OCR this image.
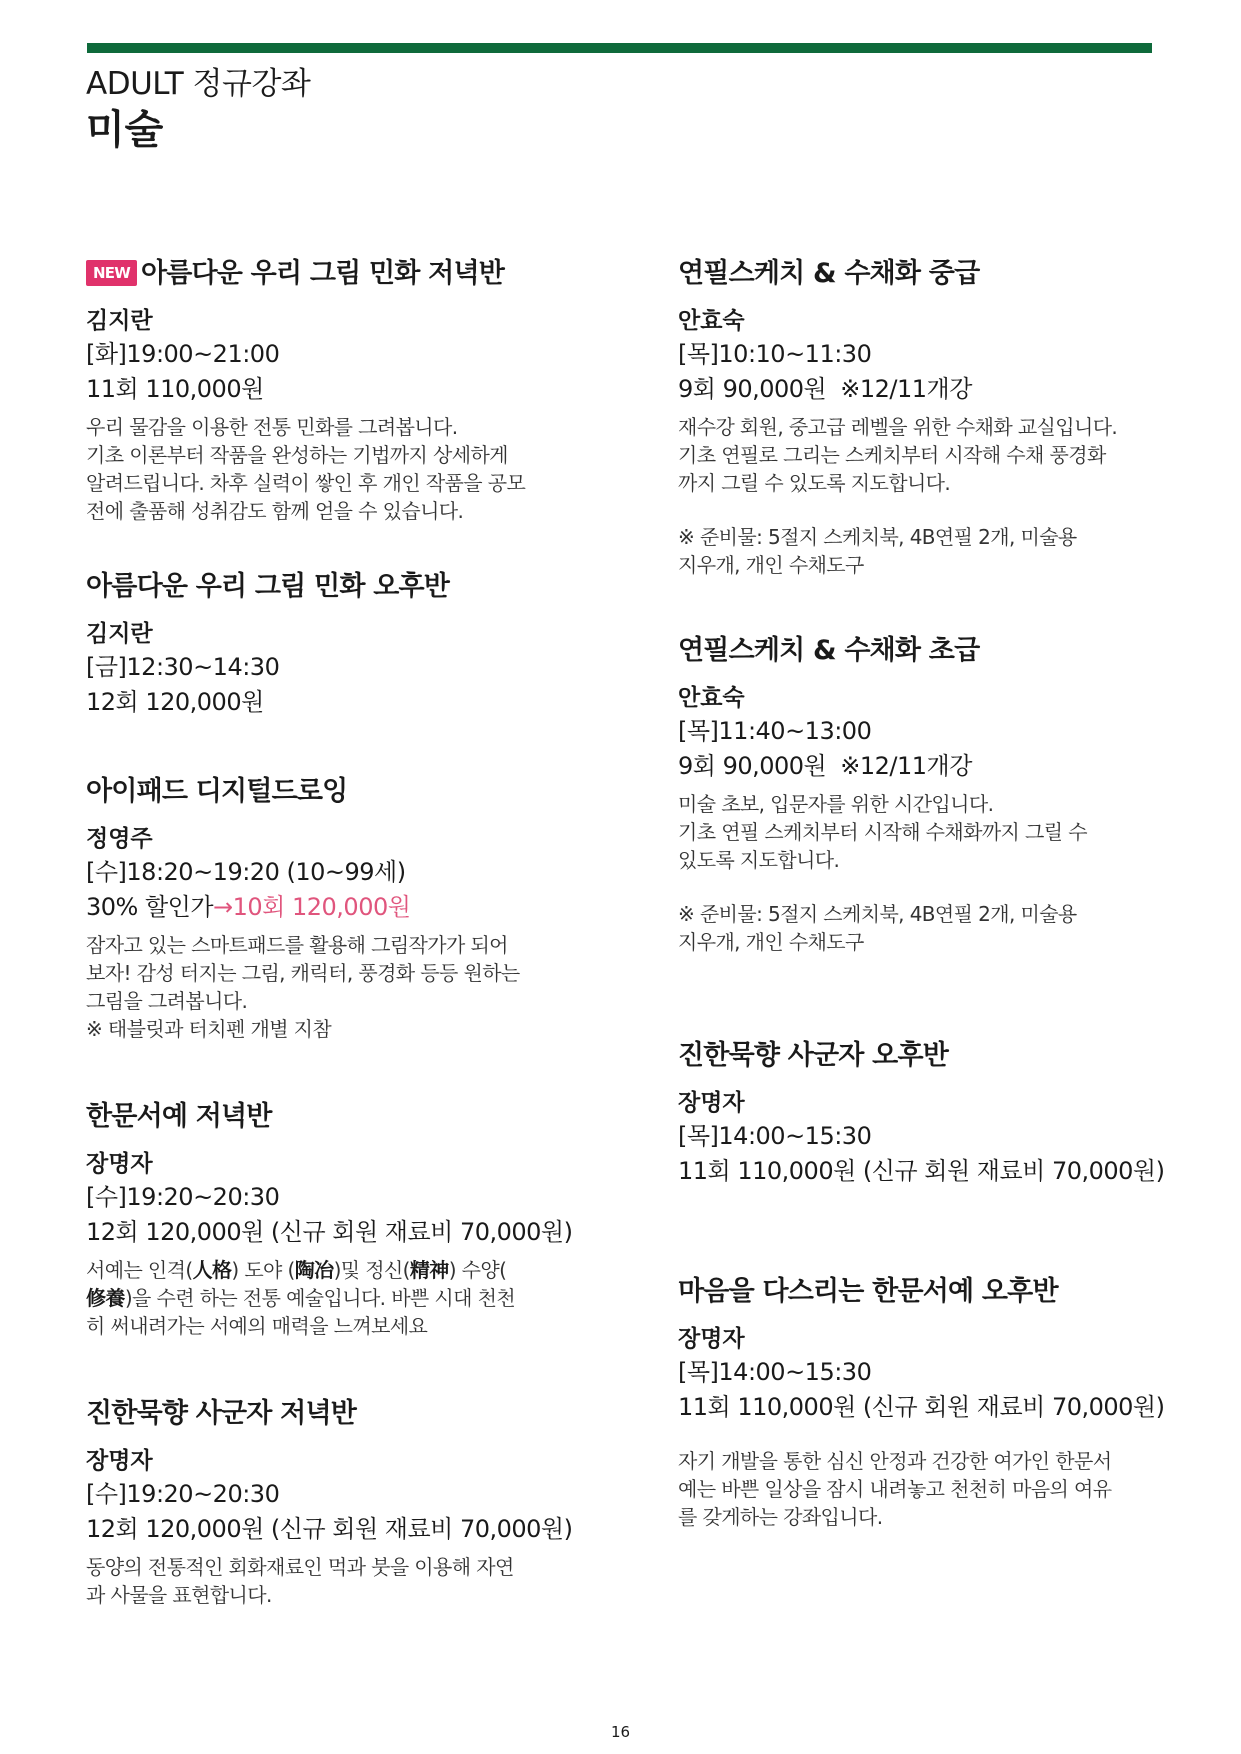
ADULT 정규강좌
미술
NEW 아름다운 우리 그림 민화 저녁반
김지란
[화]19:00~21:00
11회 110,000원
우리 물감을 이용한 전통 민화를 그려봅니다.
기초 이론부터 작품을 완성하는 기법까지 상세하게
알려드립니다. 차후 실력이 쌓인 후 개인 작품을 공모
전에 출품해 성취감도 함께 얻을 수 있습니다.
아름다운 우리 그림 민화 오후반
김지란
[금]12:30~14:30
12회 120,000원
아이패드 디지털드로잉
정영주
[수]18:20~19:20 (10~99세)
30% 할인가→10회 120,000원
잠자고 있는 스마트패드를 활용해 그림작가가 되어
보자! 감성 터지는 그림, 캐릭터, 풍경화 등등 원하는
그림을 그려봅니다.
※ 태블릿과 터치펜 개별 지참
한문서예 저녁반
장명자
[수]19:20~20:30
12회 120,000원 (신규 회원 재료비 70,000원)
서예는 인격(人格) 도야 (陶冶)및 정신(精神) 수양(
修養)을 수련 하는 전통 예술입니다. 바쁜 시대 천천
히 써내려가는 서예의 매력을 느껴보세요
진한묵향 사군자 저녁반
장명자
[수]19:20~20:30
12회 120,000원 (신규 회원 재료비 70,000원)
동양의 전통적인 회화재료인 먹과 붓을 이용해 자연
과 사물을 표현합니다.
연필스케치 & 수채화 중급
안효숙
[목]10:10~11:30
9회 90,000원 ※12/11개강
재수강 회원, 중고급 레벨을 위한 수채화 교실입니다.
기초 연필로 그리는 스케치부터 시작해 수채 풍경화
까지 그릴 수 있도록 지도합니다.
※ 준비물: 5절지 스케치북, 4B연필 2개, 미술용
지우개, 개인 수채도구
연필스케치 & 수채화 초급
안효숙
[목]11:40~13:00
9회 90,000원 ※12/11개강
미술 초보, 입문자를 위한 시간입니다.
기초 연필 스케치부터 시작해 수채화까지 그릴 수
있도록 지도합니다.
※ 준비물: 5절지 스케치북, 4B연필 2개, 미술용
지우개, 개인 수채도구
진한묵향 사군자 오후반
장명자
[목]14:00~15:30
11회 110,000원 (신규 회원 재료비 70,000원)
마음을 다스리는 한문서예 오후반
장명자
[목]14:00~15:30
11회 110,000원 (신규 회원 재료비 70,000원)
자기 개발을 통한 심신 안정과 건강한 여가인 한문서
예는 바쁜 일상을 잠시 내려놓고 천천히 마음의 여유
를 갖게하는 강좌입니다.
16
